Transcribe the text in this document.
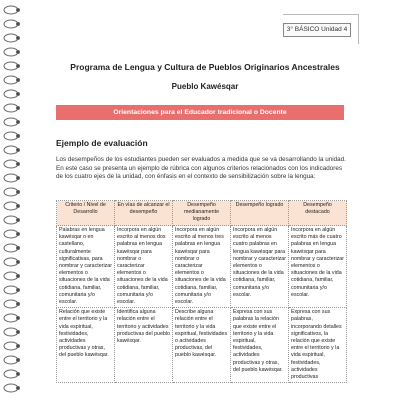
3° BÁSICO Unidad 4
Programa de Lengua y Cultura de Pueblos Originarios Ancestrales
Pueblo Kawésqar
Orientaciones para el Educador tradicional o Docente
Ejemplo de evaluación

Los desempeños de los estudiantes pueden ser evaluados a medida que se va desarrollando la unidad. En este caso se presenta un ejemplo de rúbrica con algunos criterios relacionados con los indicadores de los cuatro ejes de la unidad, con énfasis en el contexto de sensibilización sobre la lengua:

Criterio / Nivel de Desarrollo	En vías de alcanzar el desempeño	Desempeño medianamente logrado	Desempeño logrado	Desempeño destacado
Palabras en lengua kawésqar o en castellano, culturalmente significativas, para nombrar y caracterizar elementos o situaciones de la vida cotidiana, familiar, comunitaria y/o escolar.	Incorpora en algún escrito al menos dos palabras en lengua kawésqar para nombrar o caracterizar elementos o situaciones de la vida cotidiana, familiar, comunitaria y/o escolar.	Incorpora en algún escrito al menos tres palabras en lengua kawésqar para nombrar o caracterizar elementos o situaciones de la vida cotidiana, familiar, comunitaria y/o escolar.	Incorpora en algún escrito al menos cuatro palabras en lengua kawésqar para nombrar y caracterizar elementos o situaciones de la vida cotidiana, familiar, comunitaria y/o escolar.	Incorpora en algún escrito más de cuatro palabras en lengua kawésqar para nombrar y caracterizar elementos o situaciones de la vida cotidiana, familiar, comunitaria y/o escolar.
Relación que existe entre el territorio y la vida espiritual, festividades, actividades productivas y otras, del pueblo kawésqar.	Identifica alguna relación entre el territorio y actividades productivas del pueblo kawésqar.	Describe alguna relación entre el territorio y la vida espiritual, festividades o actividades productivas, del pueblo kawésqar.	Expresa con sus palabras la relación que existe entre el territorio y la vida espiritual, festividades, actividades productivas y otras, del pueblo kawésqar.	Expresa con sus palabras, incorporando detalles significativos, la relación que existe entre el territorio y la vida espiritual, festividades, actividades productivas
